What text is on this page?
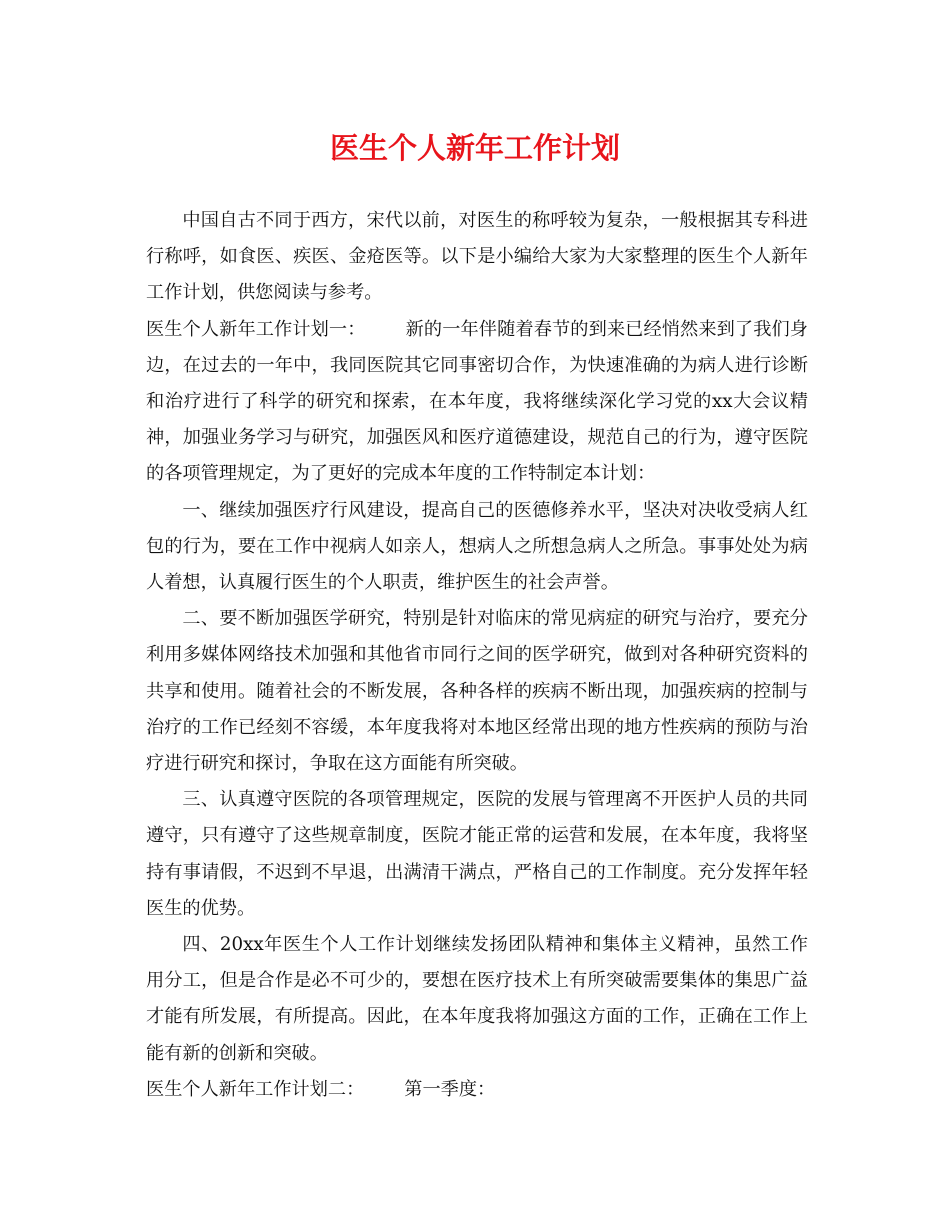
医生个人新年工作计划

中国自古不同于西方，宋代以前，对医生的称呼较为复杂，一般根据其专科进行称呼，如食医、疾医、金疮医等。以下是小编给大家为大家整理的医生个人新年工作计划，供您阅读与参考。

医生个人新年工作计划一： 新的一年伴随着春节的到来已经悄然来到了我们身边，在过去的一年中，我同医院其它同事密切合作，为快速准确的为病人进行诊断和治疗进行了科学的研究和探索，在本年度，我将继续深化学习党的xx大会议精神，加强业务学习与研究，加强医风和医疗道德建设，规范自己的行为，遵守医院的各项管理规定，为了更好的完成本年度的工作特制定本计划：

一、继续加强医疗行风建设，提高自己的医德修养水平，坚决对决收受病人红包的行为，要在工作中视病人如亲人，想病人之所想急病人之所急。事事处处为病人着想，认真履行医生的个人职责，维护医生的社会声誉。

二、要不断加强医学研究，特别是针对临床的常见病症的研究与治疗，要充分利用多媒体网络技术加强和其他省市同行之间的医学研究，做到对各种研究资料的共享和使用。随着社会的不断发展，各种各样的疾病不断出现，加强疾病的控制与治疗的工作已经刻不容缓，本年度我将对本地区经常出现的地方性疾病的预防与治疗进行研究和探讨，争取在这方面能有所突破。

三、认真遵守医院的各项管理规定，医院的发展与管理离不开医护人员的共同遵守，只有遵守了这些规章制度，医院才能正常的运营和发展，在本年度，我将坚持有事请假，不迟到不早退，出满清干满点，严格自己的工作制度。充分发挥年轻医生的优势。

四、20xx年医生个人工作计划继续发扬团队精神和集体主义精神，虽然工作用分工，但是合作是必不可少的，要想在医疗技术上有所突破需要集体的集思广益才能有所发展，有所提高。因此，在本年度我将加强这方面的工作，正确在工作上能有新的创新和突破。

医生个人新年工作计划二： 第一季度：
